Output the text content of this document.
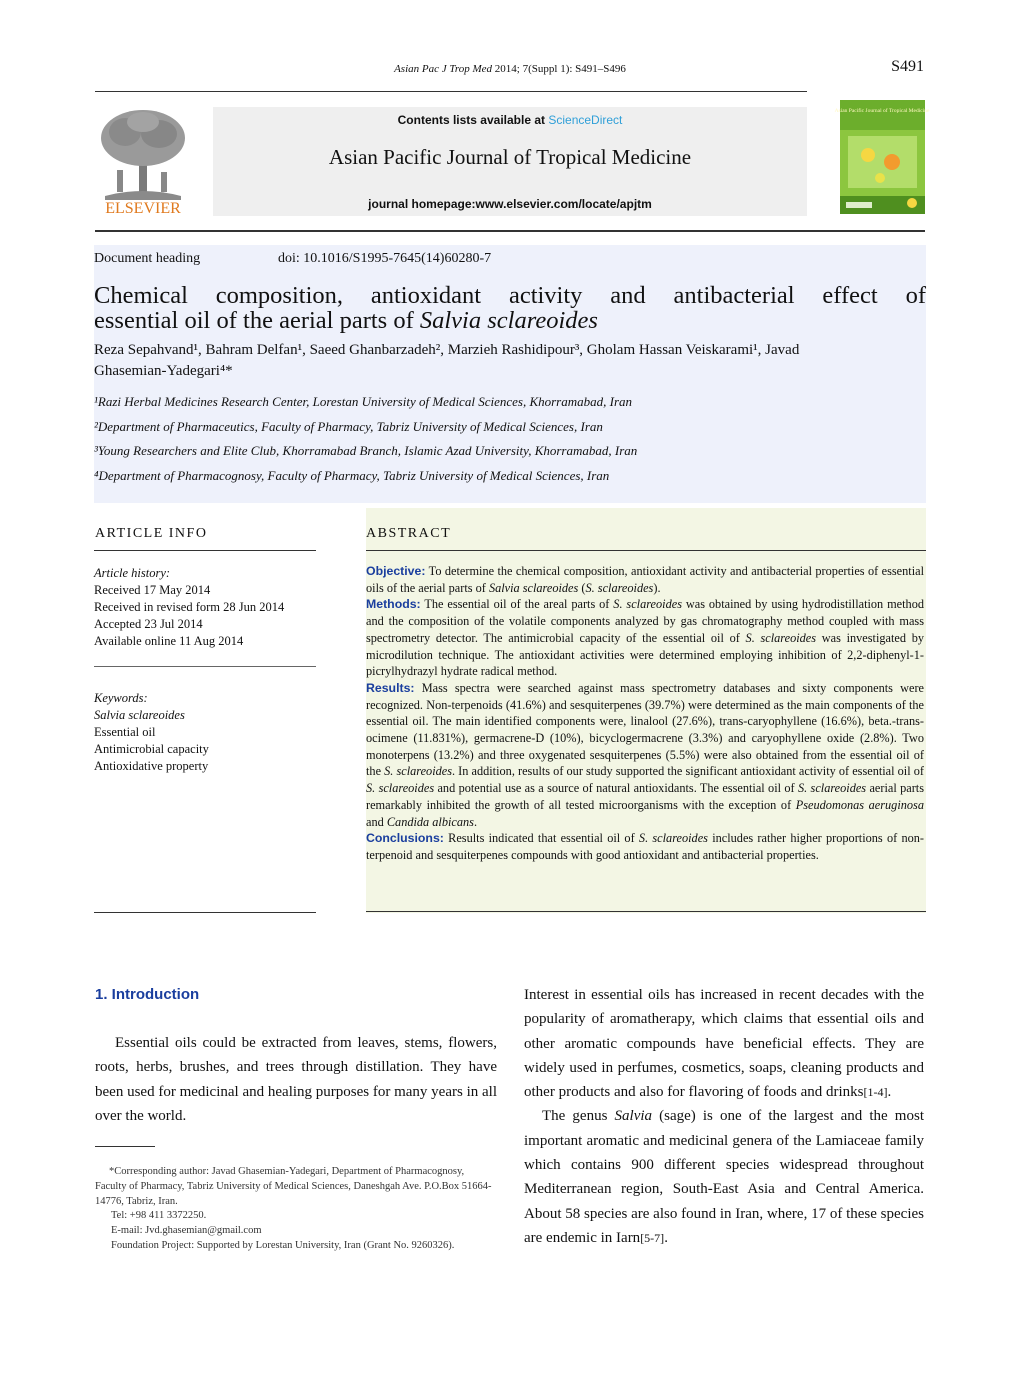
Asian Pac J Trop Med 2014; 7(Suppl 1): S491–S496	S491
ELSEVIER
Contents lists available at ScienceDirect
Asian Pacific Journal of Tropical Medicine
journal homepage:www.elsevier.com/locate/apjtm
Asian Pacific Journal of Tropical Medicine
Document heading	doi: 10.1016/S1995-7645(14)60280-7
Chemical composition, antioxidant activity and antibacterial effect of

essential oil of the aerial parts of Salvia sclareoides
Reza Sepahvand¹, Bahram Delfan¹, Saeed Ghanbarzadeh², Marzieh Rashidipour³, Gholam Hassan Veiskarami¹, Javad
Ghasemian-Yadegari⁴*
¹Razi Herbal Medicines Research Center, Lorestan University of Medical Sciences, Khorramabad, Iran
²Department of Pharmaceutics, Faculty of Pharmacy, Tabriz University of Medical Sciences, Iran
³Young Researchers and Elite Club, Khorramabad Branch, Islamic Azad University, Khorramabad, Iran
⁴Department of Pharmacognosy, Faculty of Pharmacy, Tabriz University of Medical Sciences, Iran
ARTICLE INFO	ABSTRACT
Article history:
Received 17 May 2014
Received in revised form 28 Jun 2014
Accepted 23 Jul 2014
Available online 11 Aug 2014
Keywords:
Salvia sclareoides
Essential oil
Antimicrobial capacity
Antioxidative property
Objective: To determine the chemical composition, antioxidant activity and antibacterial properties of essential oils of the aerial parts of Salvia sclareoides (S. sclareoides).
Methods: The essential oil of the areal parts of S. sclareoides was obtained by using hydrodistillation method and the composition of the volatile components analyzed by gas chromatography method coupled with mass spectrometry detector. The antimicrobial capacity of the essential oil of S. sclareoides was investigated by microdilution technique. The antioxidant activities were determined employing inhibition of 2,2-diphenyl-1-picrylhydrazyl hydrate radical method.
Results: Mass spectra were searched against mass spectrometry databases and sixty components were recognized. Non-terpenoids (41.6%) and sesquiterpenes (39.7%) were determined as the main components of the essential oil. The main identified components were, linalool (27.6%), trans-caryophyllene (16.6%), beta.-trans-ocimene (11.831%), germacrene-D (10%), bicyclogermacrene (3.3%) and caryophyllene oxide (2.8%). Two monoterpens (13.2%) and three oxygenated sesquiterpenes (5.5%) were also obtained from the essential oil of the S. sclareoides. In addition, results of our study supported the significant antioxidant activity of essential oil of S. sclareoides and potential use as a source of natural antioxidants. The essential oil of S. sclareoides aerial parts remarkably inhibited the growth of all tested microorganisms with the exception of Pseudomonas aeruginosa and Candida albicans.
Conclusions: Results indicated that essential oil of S. sclareoides includes rather higher proportions of non-terpenoid and sesquiterpenes compounds with good antioxidant and antibacterial properties.
1. Introduction
Essential oils could be extracted from leaves, stems, flowers, roots, herbs, brushes, and trees through distillation. They have been used for medicinal and healing purposes for many years in all over the world.
*Corresponding author: Javad Ghasemian-Yadegari, Department of Pharmacognosy, Faculty of Pharmacy, Tabriz University of Medical Sciences, Daneshgah Ave. P.O.Box 51664-14776, Tabriz, Iran.
Tel: +98 411 3372250.
E-mail: Jvd.ghasemian@gmail.com
Foundation Project: Supported by Lorestan University, Iran (Grant No. 9260326).

Interest in essential oils has increased in recent decades with the popularity of aromatherapy, which claims that essential oils and other aromatic compounds have beneficial effects. They are widely used in perfumes, cosmetics, soaps, cleaning products and other products and also for flavoring of foods and drinks[1-4].

The genus Salvia (sage) is one of the largest and the most important aromatic and medicinal genera of the Lamiaceae family which contains 900 different species widespread throughout Mediterranean region, South-East Asia and Central America. About 58 species are also found in Iran, where, 17 of these species are endemic in Iarn[5-7].
